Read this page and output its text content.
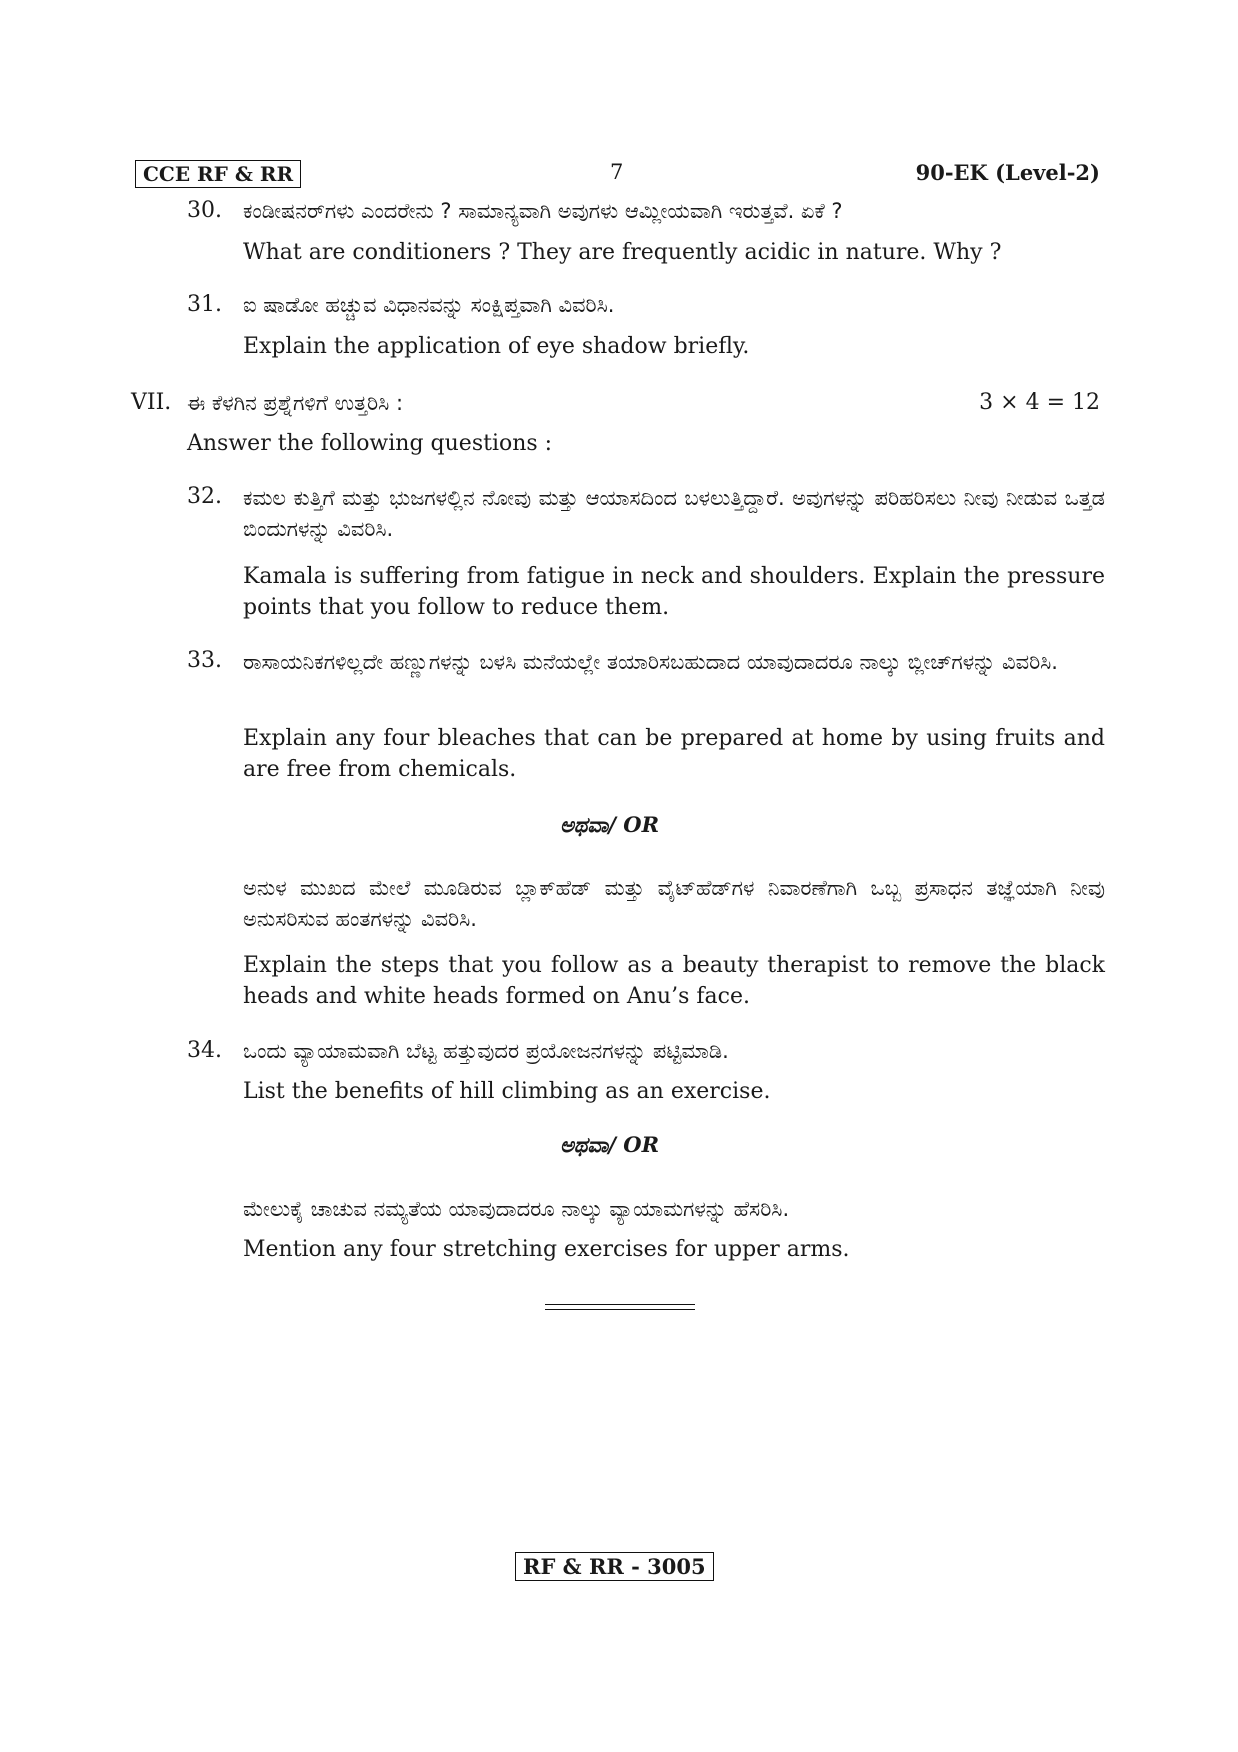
CCE RF & RR	7	90-EK (Level-2)
30. ಕಂಡೀಷನರ್‌ಗಳು ಎಂದರೇನು ? ಸಾಮಾನ್ಯವಾಗಿ ಅವುಗಳು ಆಮ್ಲೀಯವಾಗಿ ಇರುತ್ತವೆ. ಏಕೆ ?
What are conditioners ? They are frequently acidic in nature. Why ?
31. ಐ ಷಾಡೋ ಹಚ್ಚುವ ವಿಧಾನವನ್ನು ಸಂಕ್ಷಿಪ್ತವಾಗಿ ವಿವರಿಸಿ.
Explain the application of eye shadow briefly.
VII. ಈ ಕೆಳಗಿನ ಪ್ರಶ್ನೆಗಳಿಗೆ ಉತ್ತರಿಸಿ :	3 × 4 = 12
Answer the following questions :
32. ಕಮಲ ಕುತ್ತಿಗೆ ಮತ್ತು ಭುಜಗಳಲ್ಲಿನ ನೋವು ಮತ್ತು ಆಯಾಸದಿಂದ ಬಳಲುತ್ತಿದ್ದಾರೆ. ಅವುಗಳನ್ನು ಪರಿಹರಿಸಲು ನೀವು ನೀಡುವ ಒತ್ತಡ ಬಿಂದುಗಳನ್ನು ವಿವರಿಸಿ.
Kamala is suffering from fatigue in neck and shoulders. Explain the pressure points that you follow to reduce them.
33. ರಾಸಾಯನಿಕಗಳಿಲ್ಲದೇ ಹಣ್ಣುಗಳನ್ನು ಬಳಸಿ ಮನೆಯಲ್ಲೇ ತಯಾರಿಸಬಹುದಾದ ಯಾವುದಾದರೂ ನಾಲ್ಕು ಬ್ಲೀಚ್‌ಗಳನ್ನು ವಿವರಿಸಿ.
Explain any four bleaches that can be prepared at home by using fruits and are free from chemicals.
ಅಥವಾ/ OR
ಅನುಳ ಮುಖದ ಮೇಲೆ ಮೂಡಿರುವ ಬ್ಲಾಕ್‌ಹೆಡ್ ಮತ್ತು ವೈಟ್‌ಹೆಡ್‌ಗಳ ನಿವಾರಣೆಗಾಗಿ ಒಬ್ಬ ಪ್ರಸಾಧನ ತಜ್ಞೆಯಾಗಿ ನೀವು ಅನುಸರಿಸುವ ಹಂತಗಳನ್ನು ವಿವರಿಸಿ.
Explain the steps that you follow as a beauty therapist to remove the black heads and white heads formed on Anu’s face.
34. ಒಂದು ವ್ಯಾಯಾಮವಾಗಿ ಬೆಟ್ಟ ಹತ್ತುವುದರ ಪ್ರಯೋಜನಗಳನ್ನು ಪಟ್ಟಿಮಾಡಿ.
List the benefits of hill climbing as an exercise.
ಅಥವಾ/ OR
ಮೇಲುಕೈ ಚಾಚುವ ನಮ್ಯತೆಯ ಯಾವುದಾದರೂ ನಾಲ್ಕು ವ್ಯಾಯಾಮಗಳನ್ನು ಹೆಸರಿಸಿ.
Mention any four stretching exercises for upper arms.
RF & RR - 3005
